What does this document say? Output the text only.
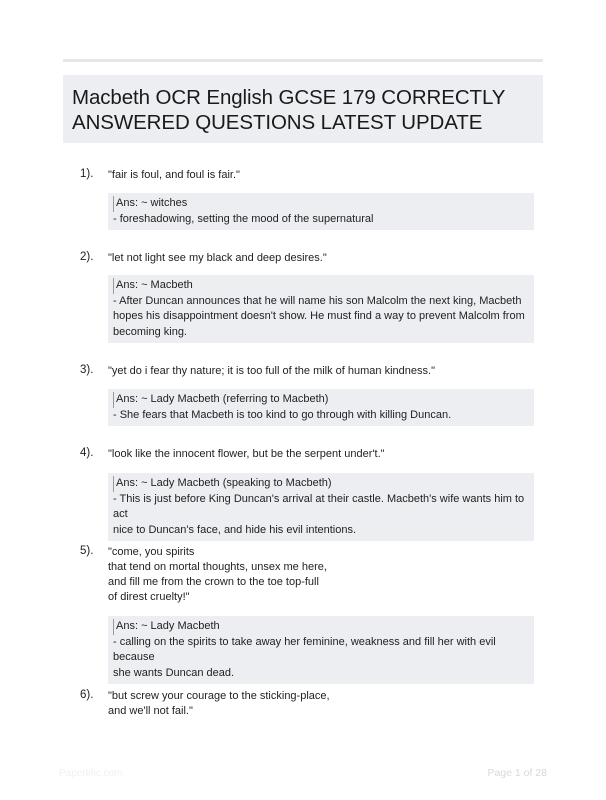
Macbeth OCR English GCSE 179 CORRECTLY ANSWERED QUESTIONS LATEST UPDATE
1). "fair is foul, and foul is fair."
Ans: ~ witches
- foreshadowing, setting the mood of the supernatural
2). "let not light see my black and deep desires."
Ans: ~ Macbeth
- After Duncan announces that he will name his son Malcolm the next king, Macbeth
hopes his disappointment doesn't show. He must find a way to prevent Malcolm from
becoming king.
3). "yet do i fear thy nature; it is too full of the milk of human kindness."
Ans: ~ Lady Macbeth (referring to Macbeth)
- She fears that Macbeth is too kind to go through with killing Duncan.
4). "look like the innocent flower, but be the serpent under't."
Ans: ~ Lady Macbeth (speaking to Macbeth)
- This is just before King Duncan's arrival at their castle. Macbeth's wife wants him to act
nice to Duncan's face, and hide his evil intentions.
5). "come, you spirits
that tend on mortal thoughts, unsex me here,
and fill me from the crown to the toe top-full
of direst cruelty!"
Ans: ~ Lady Macbeth
- calling on the spirits to take away her feminine, weakness and fill her with evil because
she wants Duncan dead.
6). "but screw your courage to the sticking-place,
and we'll not fail."
Papertific.com	Page 1 of 28
